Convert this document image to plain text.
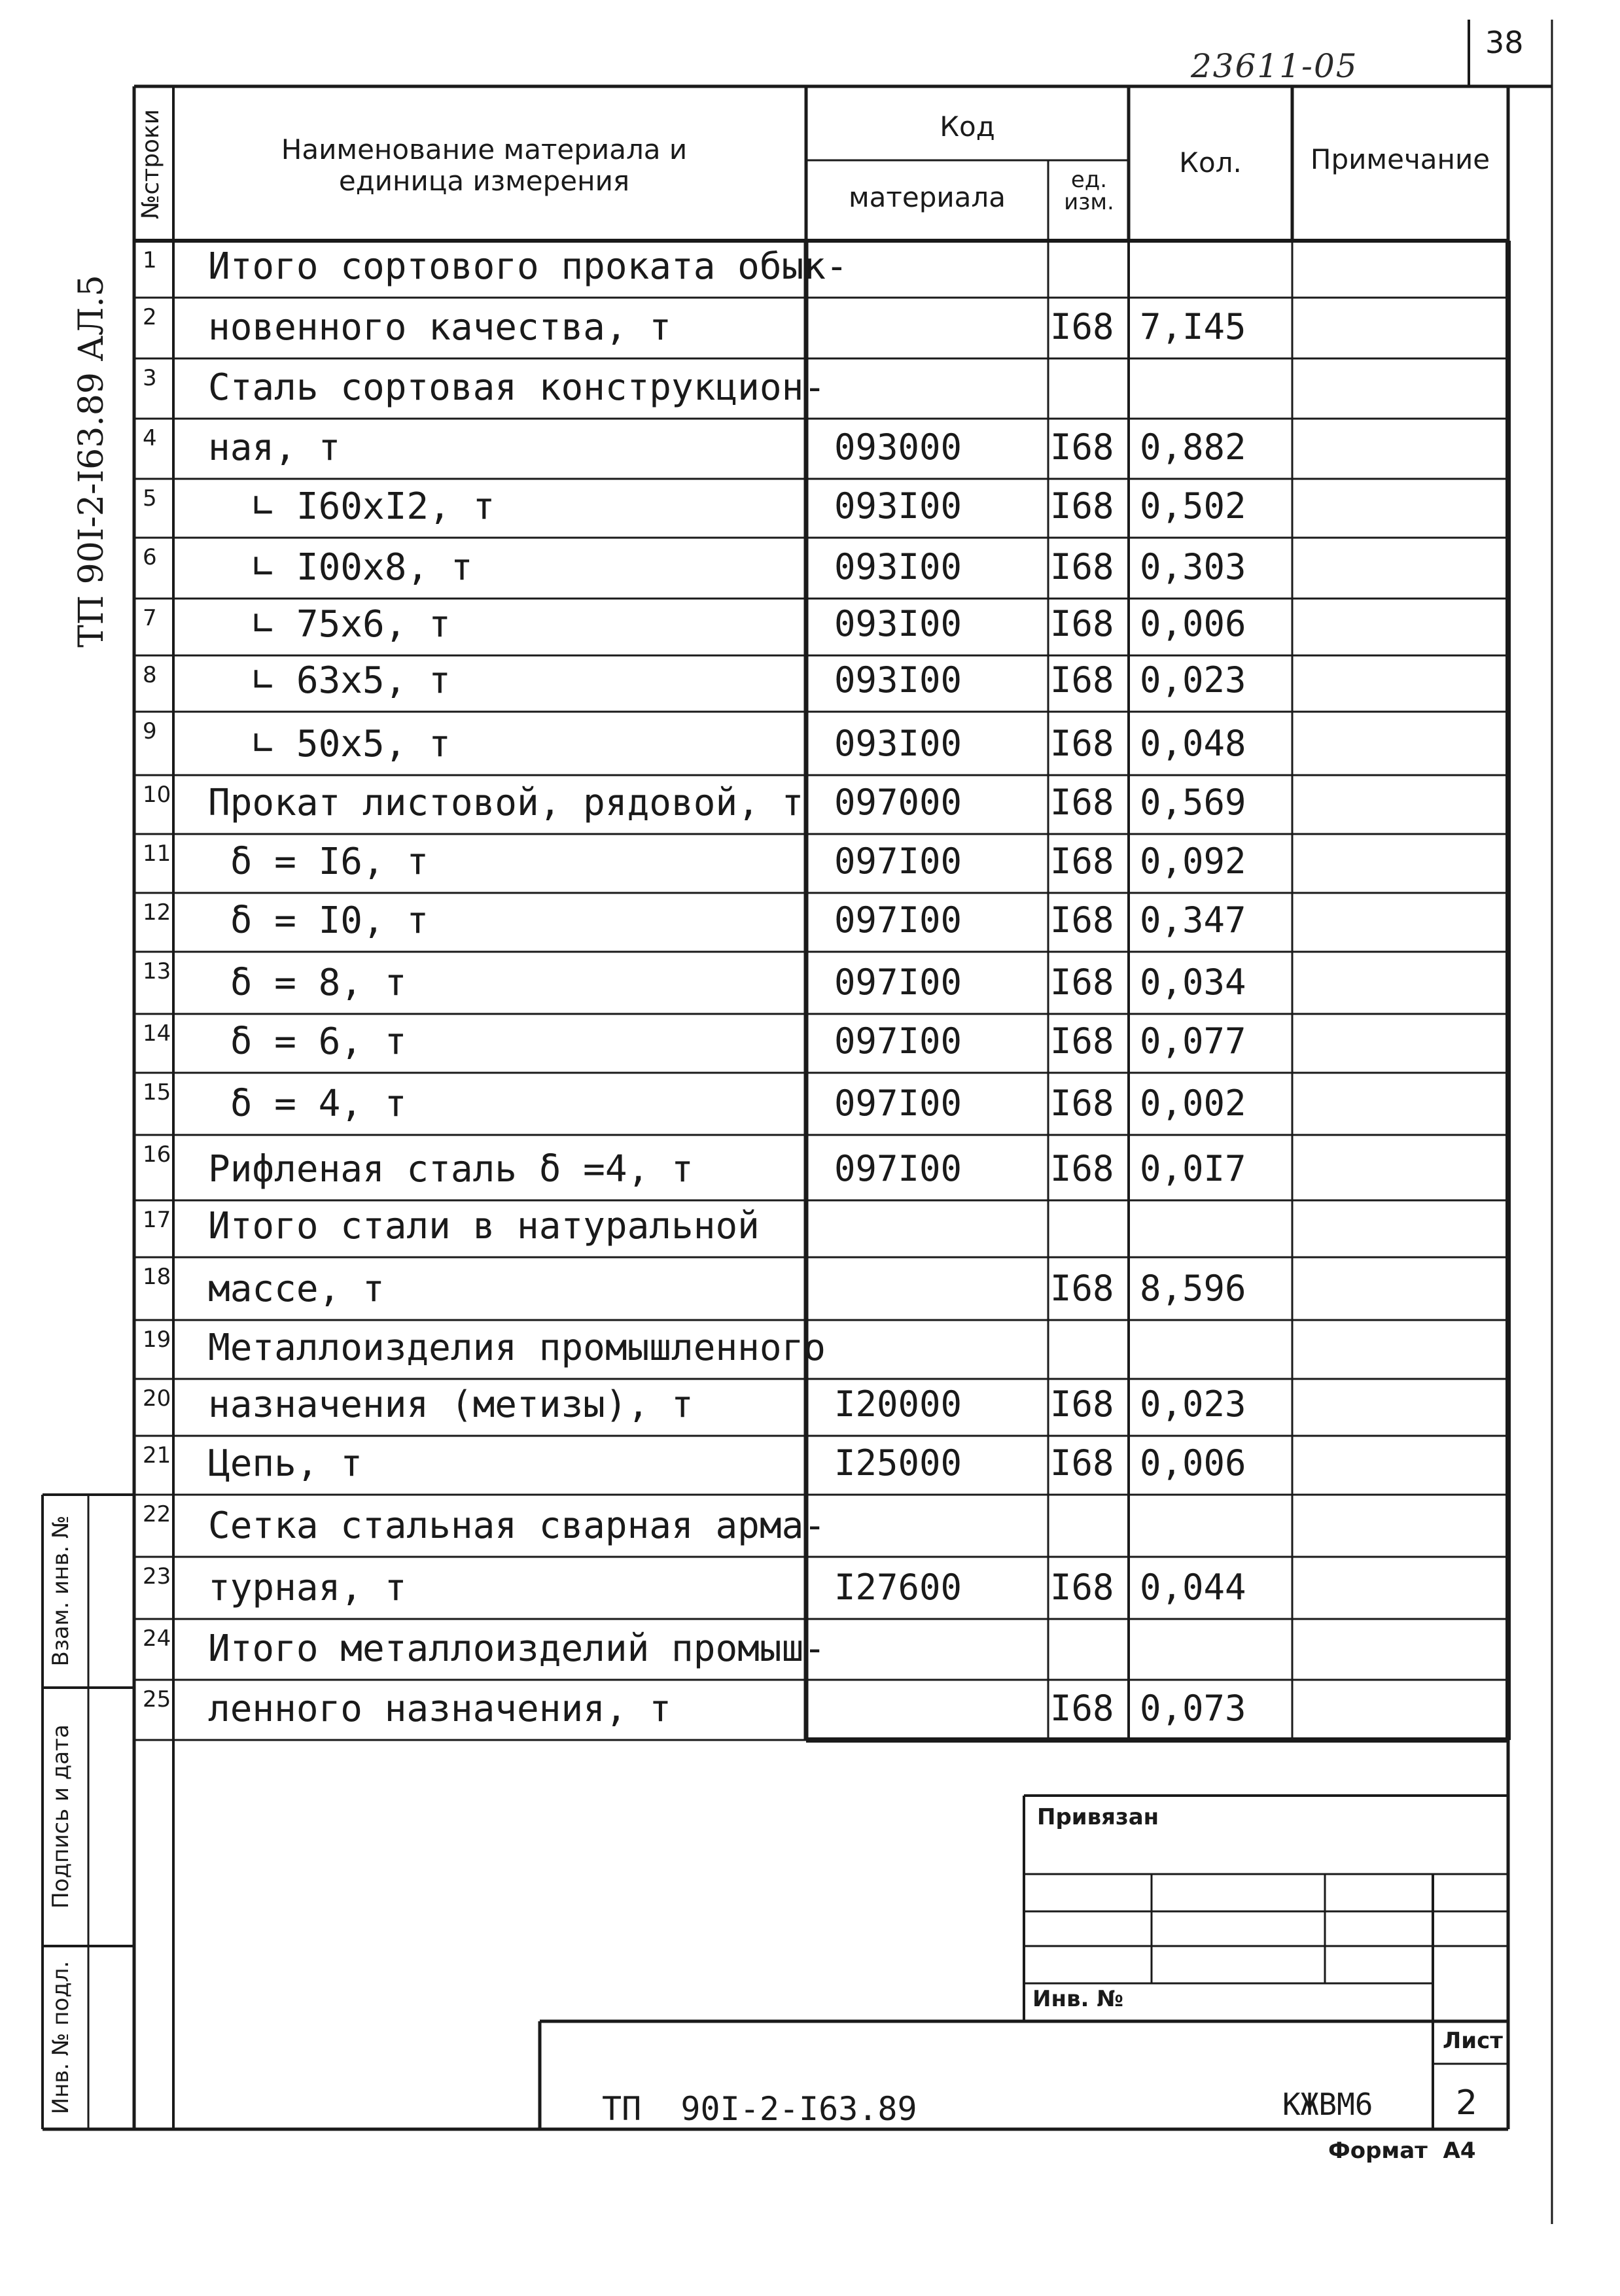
38
23611-05
ТП 90I-2-I63.89 АЛ.5
№строки	Наименование материала и единица измерения
Код
материала
ед. изм.
Кол.	Примечание
1 Итого сортового проката обык-
2 новенного качества, т	I68 7,I45
3 Сталь сортовая конструкцион-
4 ная, т	093000 I68 0,882
5 ∟ I60xI2, т	093I00 I68 0,502
6 ∟ I00x8, т	093I00 I68 0,303
7 ∟ 75x6, т	093I00 I68 0,006
8 ∟ 63x5, т	093I00 I68 0,023
9 ∟ 50x5, т	093I00 I68 0,048
10 Прокат листовой, рядовой, т 097000 I68 0,569
11 δ = I6, т	097I00 I68 0,092
12 δ = I0, т	097I00 I68 0,347
13 δ = 8, т	097I00 I68 0,034
14 δ = 6, т	097I00 I68 0,077
15 δ = 4, т	097I00 I68 0,002
16 Рифленая сталь δ =4, т	097I00 I68 0,0I7
17 Итого стали в натуральной
18 массе, т	I68 8,596
19 Металлоизделия промышленного
20 назначения (метизы), т	I20000 I68 0,023
21 Цепь, т	I25000 I68 0,006
22 Сетка стальная сварная арма-
23 турная, т	I27600 I68 0,044
24 Итого металлоизделий промыш-
25 ленного назначения, т	I68 0,073
Взам. инв. №
Подпись и дата
Инв. № подл.
Привязан
Инв. №
Лист
ТП  90I-2-I63.89	КЖВМ6 2
Формат  А4
